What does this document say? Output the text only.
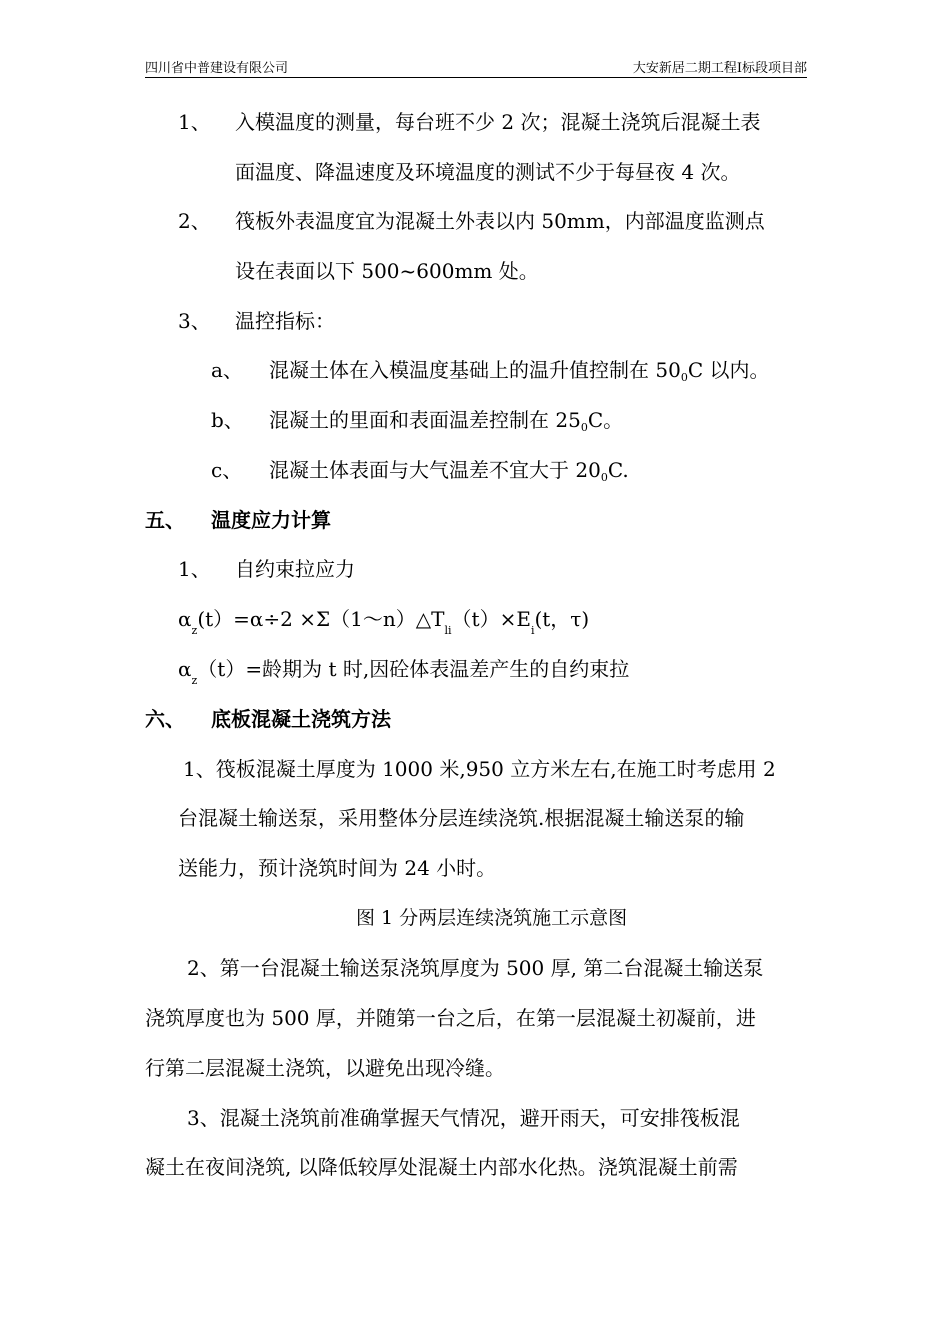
四川省中普建设有限公司	大安新居二期工程Ⅰ标段项目部
1、 入模温度的测量，每台班不少 2 次；混凝土浇筑后混凝土表
面温度、降温速度及环境温度的测试不少于每昼夜 4 次。
2、 筏板外表温度宜为混凝土外表以内 50mm，内部温度监测点
设在表面以下 500~600mm 处。
3、 温控指标：
a、 混凝土体在入模温度基础上的温升值控制在 $50_0C$ 以内。
b、 混凝土的里面和表面温差控制在 $25_0C$。
c、 混凝土体表面与大气温差不宜大于 $20_0C$.
五、 温度应力计算
1、 自约束拉应力
$\alpha_z(t)=\alpha\div 2$ $\times\Sigma(1\sim n)\triangle T_{li}(t)\times E_i(t$，τ)
$\alpha_z(t)=$龄期为 t 时,因砼体表温差产生的自约束拉
六、 底板混凝土浇筑方法
1、筏板混凝土厚度为 1000 米,950 立方米左右,在施工时考虑用 2
台混凝土输送泵，采用整体分层连续浇筑.根据混凝土输送泵的输
送能力，预计浇筑时间为 24 小时。
图 1 分两层连续浇筑施工示意图
2、第一台混凝土输送泵浇筑厚度为 500 厚, 第二台混凝土输送泵
浇筑厚度也为 500 厚，并随第一台之后，在第一层混凝土初凝前，进
行第二层混凝土浇筑，以避免出现冷缝。
3、混凝土浇筑前准确掌握天气情况，避开雨天，可安排筏板混
凝土在夜间浇筑, 以降低较厚处混凝土内部水化热。浇筑混凝土前需
